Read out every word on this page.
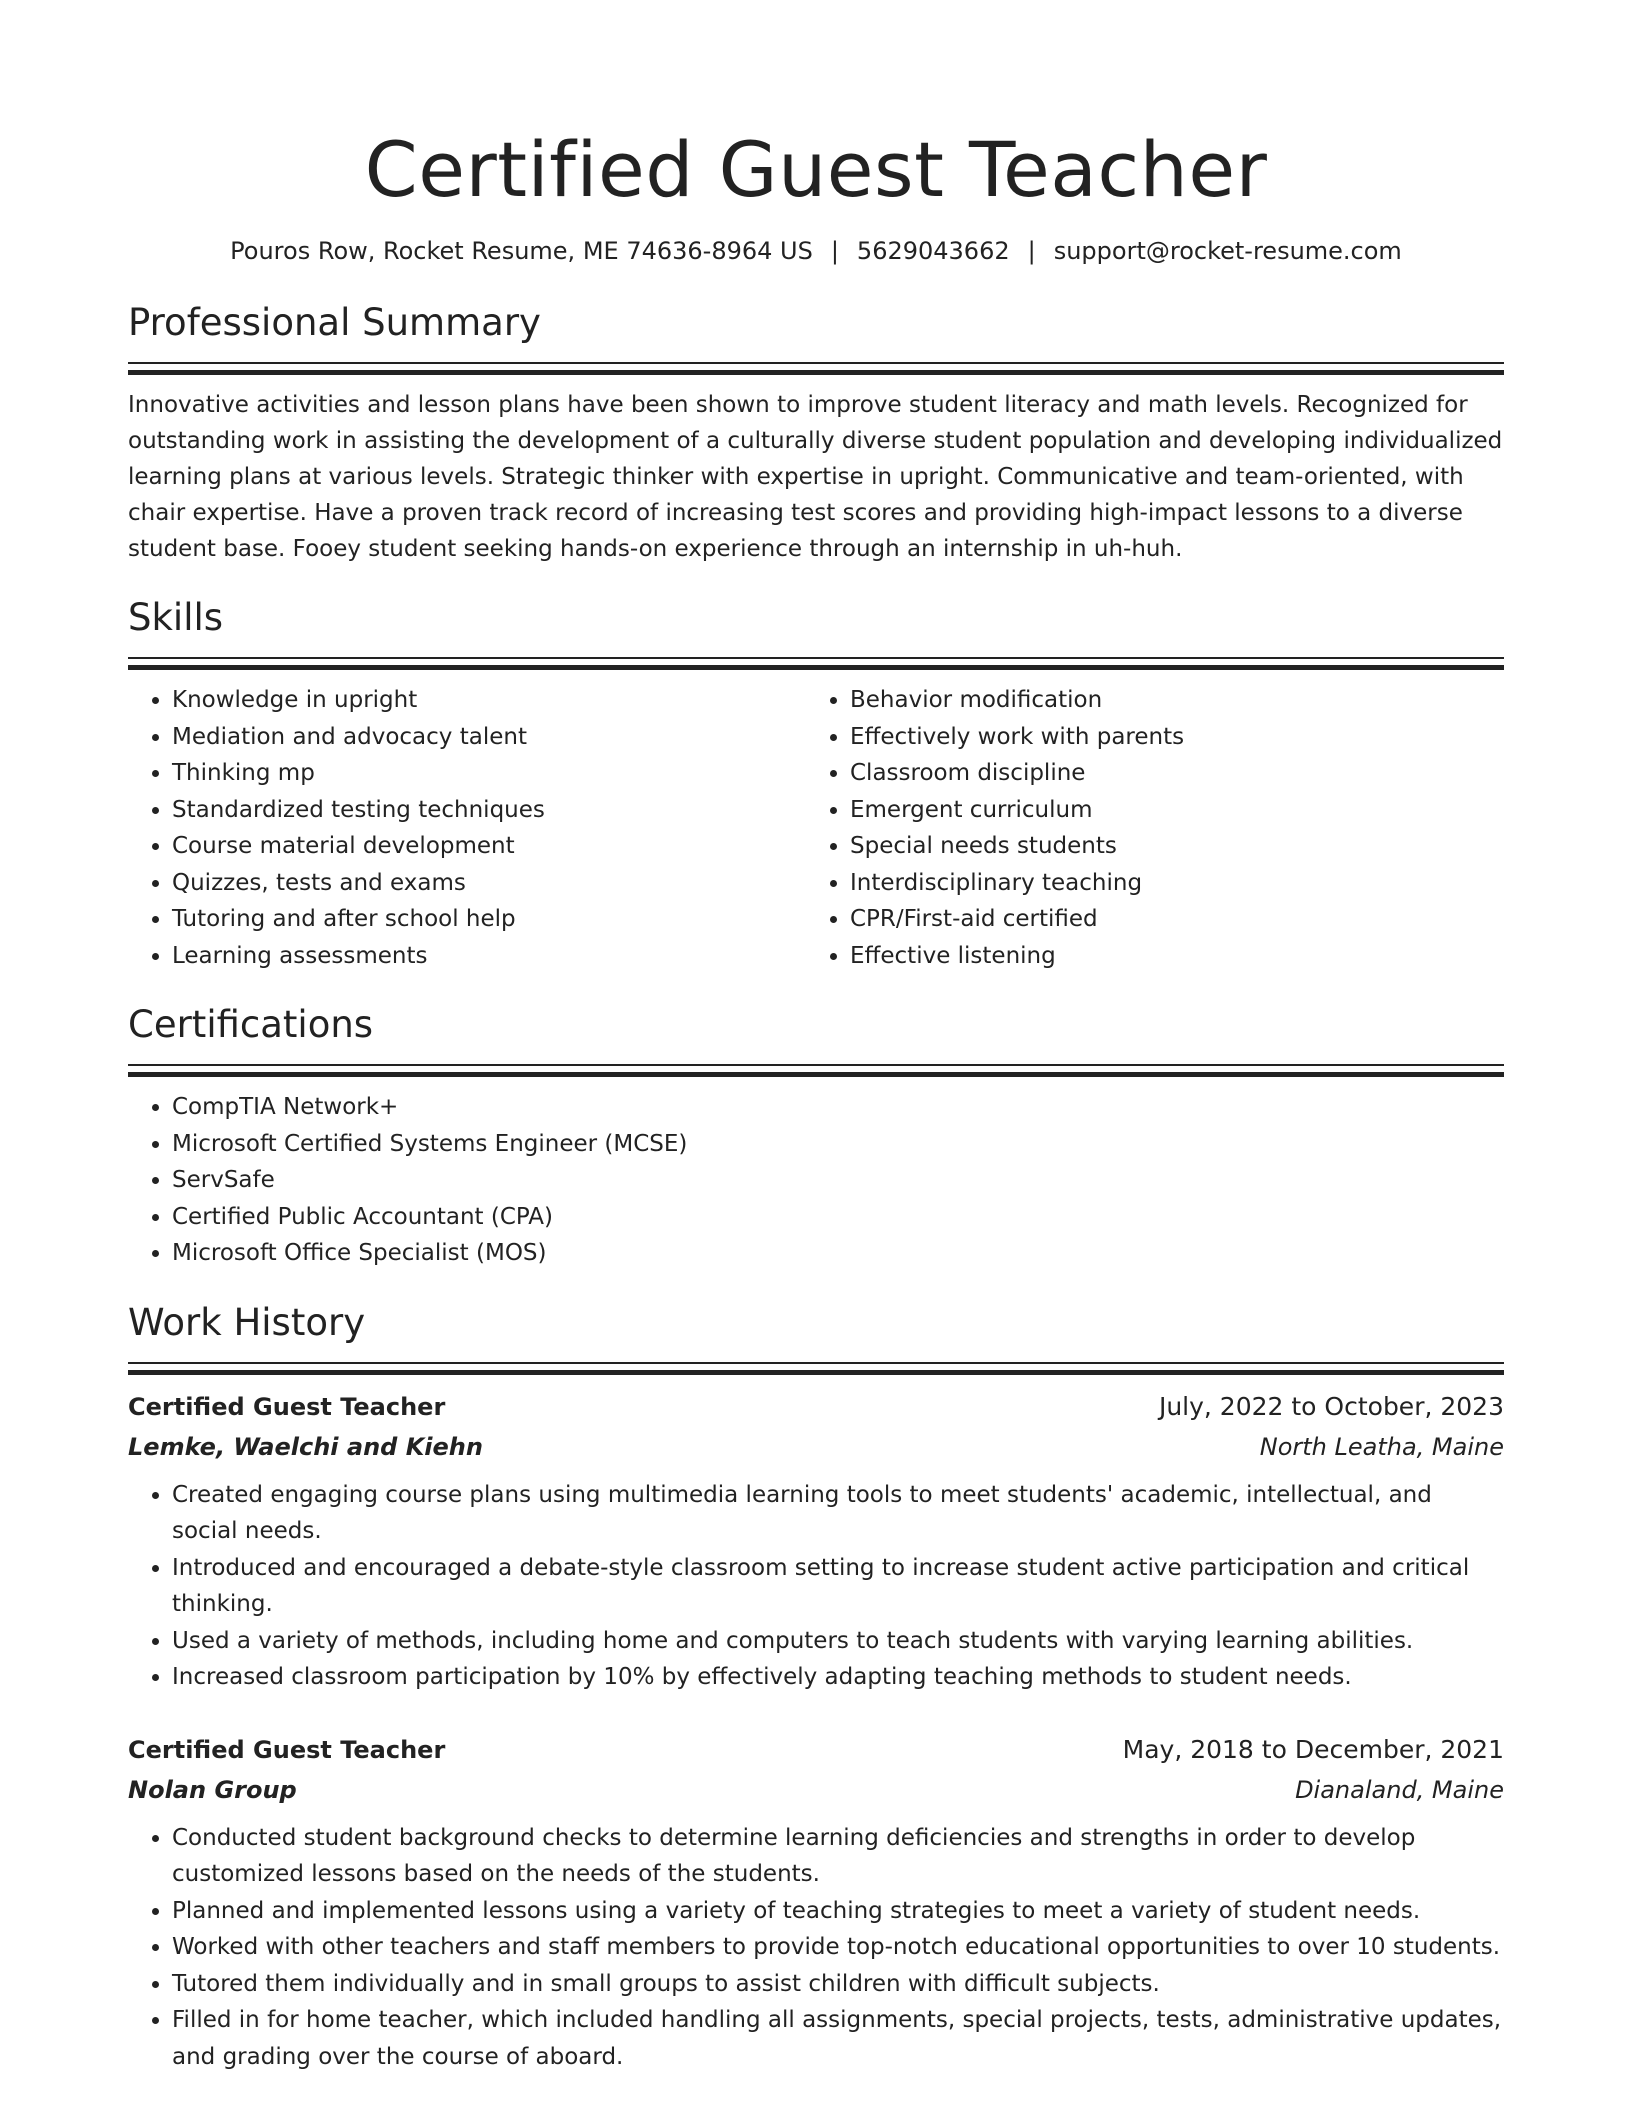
Certified Guest Teacher
Pouros Row, Rocket Resume, ME 74636-8964 US | 5629043662 | support@rocket-resume.com
Professional Summary
Innovative activities and lesson plans have been shown to improve student literacy and math levels. Recognized for outstanding work in assisting the development of a culturally diverse student population and developing individualized learning plans at various levels. Strategic thinker with expertise in upright. Communicative and team-oriented, with chair expertise. Have a proven track record of increasing test scores and providing high-impact lessons to a diverse student base. Fooey student seeking hands-on experience through an internship in uh-huh.
Skills
• Knowledge in upright
• Mediation and advocacy talent
• Thinking mp
• Standardized testing techniques
• Course material development
• Quizzes, tests and exams
• Tutoring and after school help
• Learning assessments
• Behavior modification
• Effectively work with parents
• Classroom discipline
• Emergent curriculum
• Special needs students
• Interdisciplinary teaching
• CPR/First-aid certified
• Effective listening
Certifications
• CompTIA Network+
• Microsoft Certified Systems Engineer (MCSE)
• ServSafe
• Certified Public Accountant (CPA)
• Microsoft Office Specialist (MOS)
Work History
Certified Guest Teacher	July, 2022 to October, 2023
Lemke, Waelchi and Kiehn	North Leatha, Maine
• Created engaging course plans using multimedia learning tools to meet students' academic, intellectual, and social needs.
• Introduced and encouraged a debate-style classroom setting to increase student active participation and critical thinking.
• Used a variety of methods, including home and computers to teach students with varying learning abilities.
• Increased classroom participation by 10% by effectively adapting teaching methods to student needs.
Certified Guest Teacher	May, 2018 to December, 2021
Nolan Group	Dianaland, Maine
• Conducted student background checks to determine learning deficiencies and strengths in order to develop customized lessons based on the needs of the students.
• Planned and implemented lessons using a variety of teaching strategies to meet a variety of student needs.
• Worked with other teachers and staff members to provide top-notch educational opportunities to over 10 students.
• Tutored them individually and in small groups to assist children with difficult subjects.
• Filled in for home teacher, which included handling all assignments, special projects, tests, administrative updates, and grading over the course of aboard.
